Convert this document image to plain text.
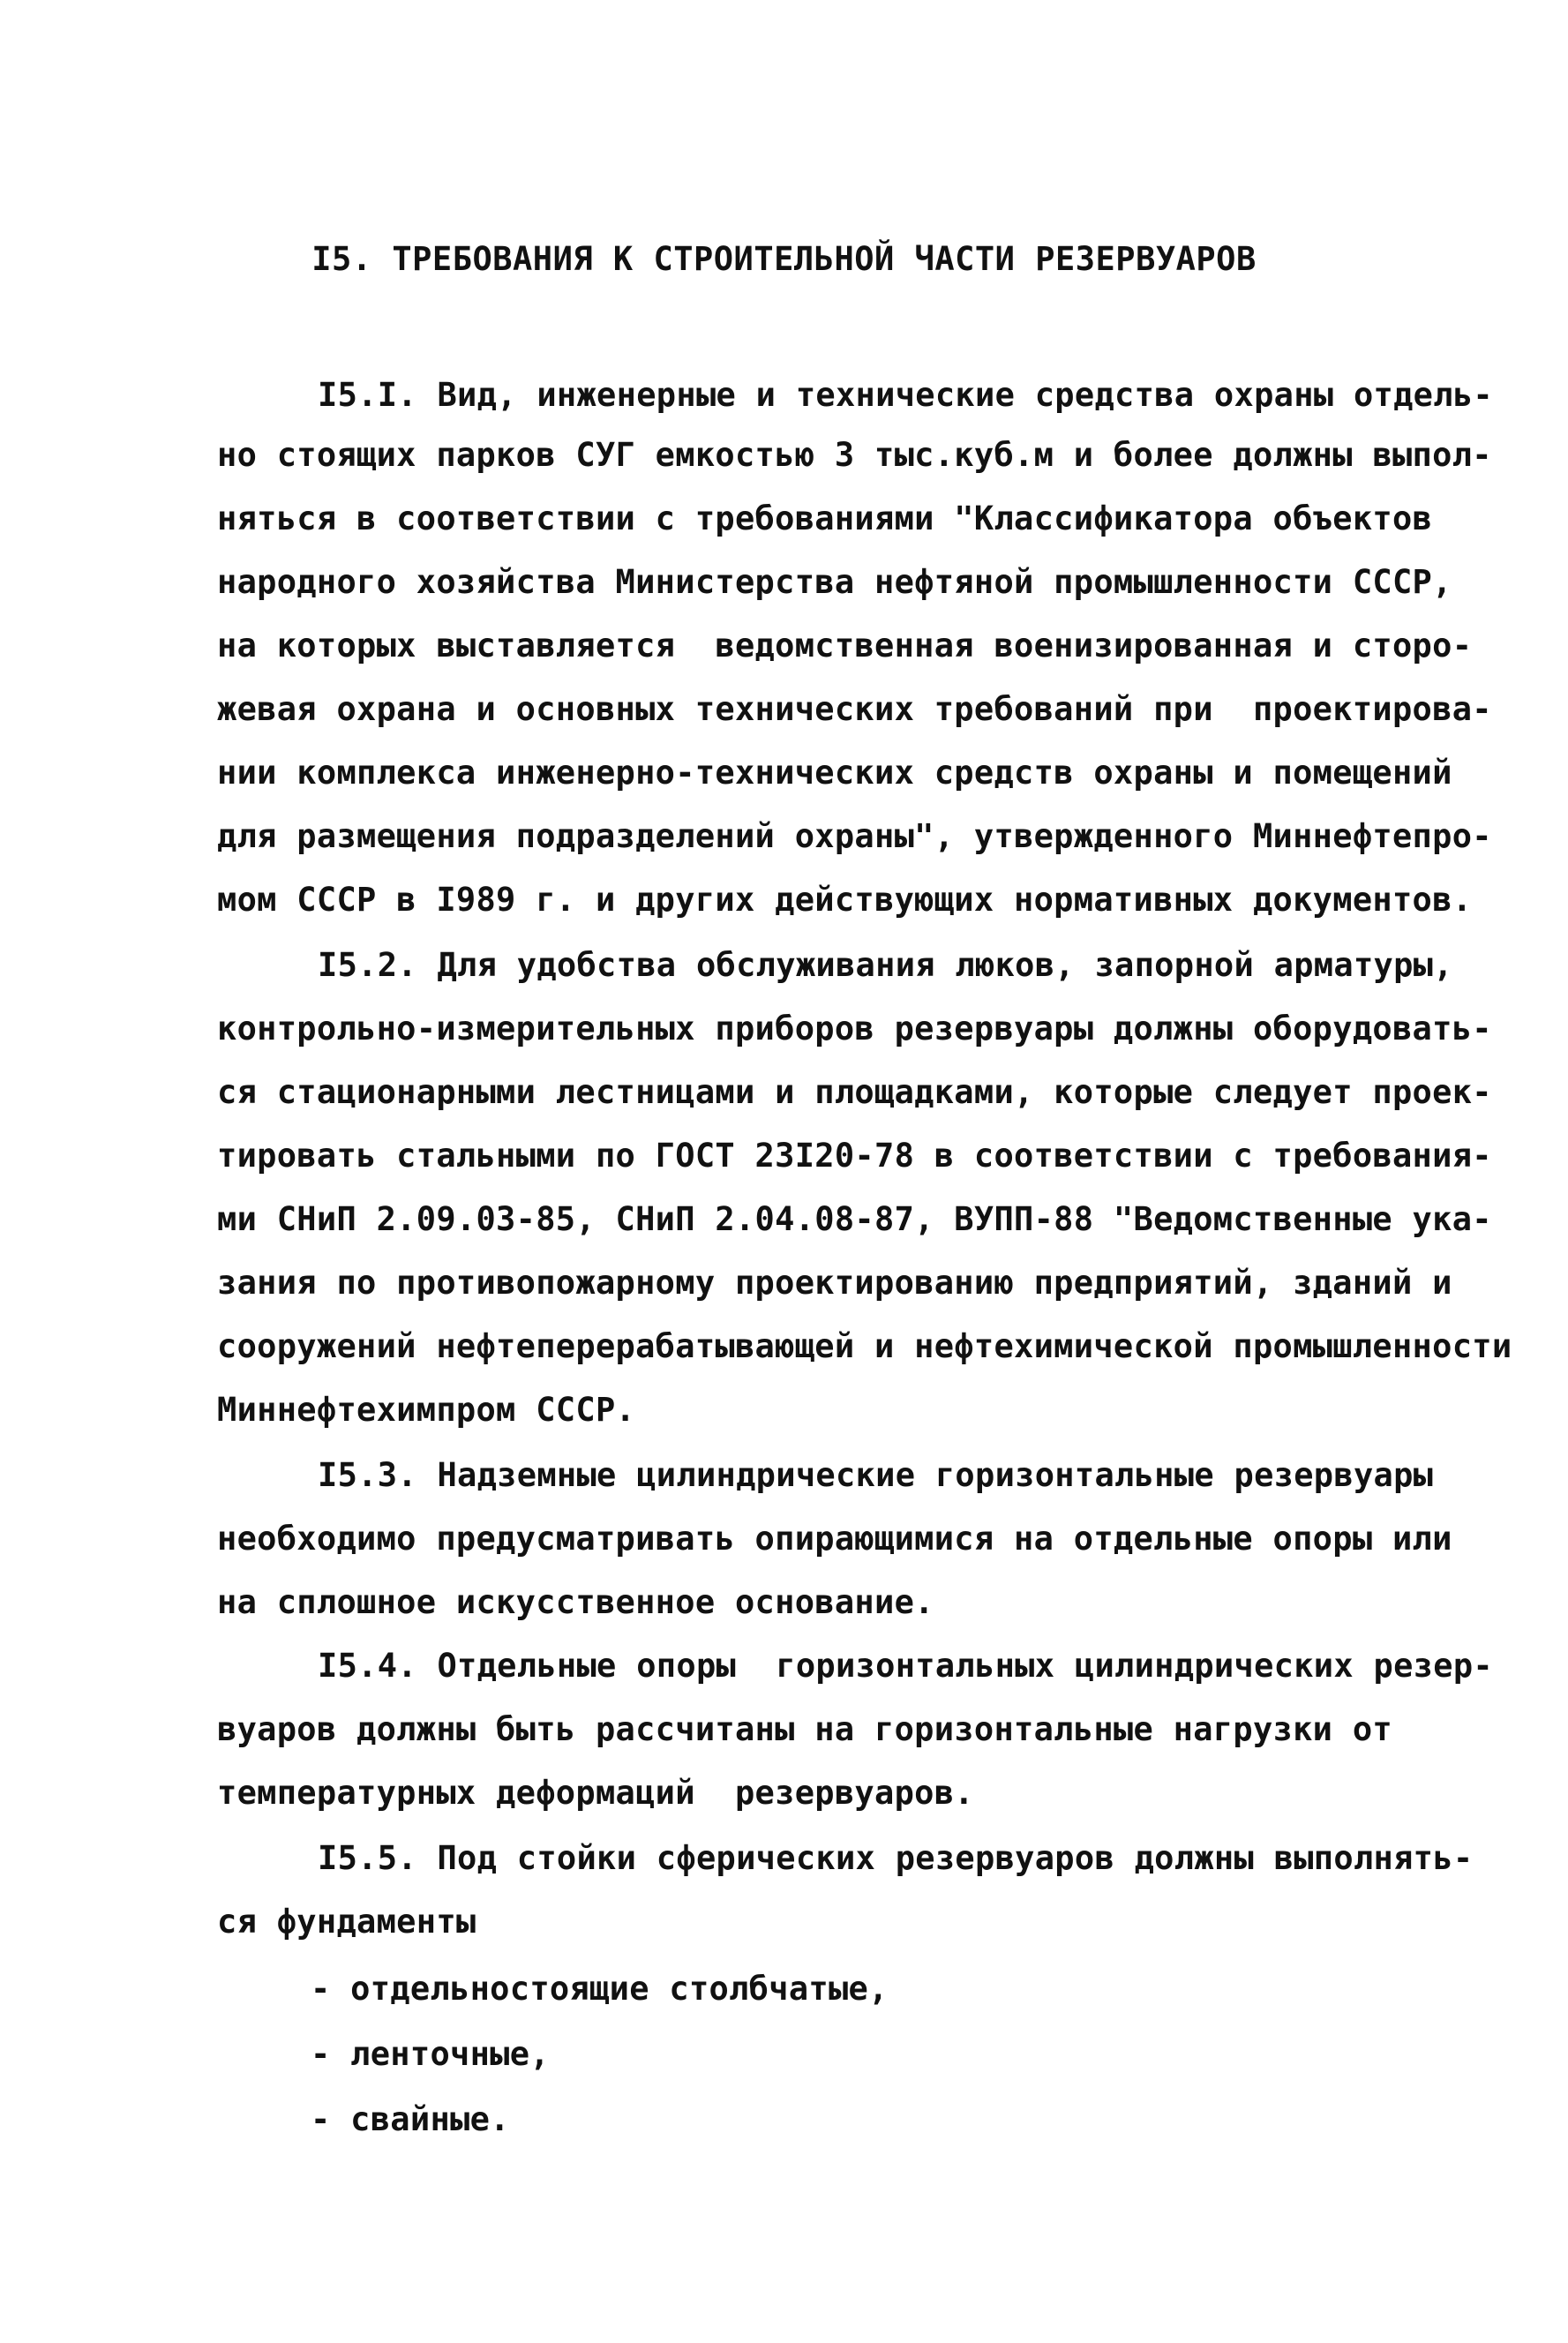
I5. ТРЕБОВАНИЯ К СТРОИТЕЛЬНОЙ ЧАСТИ РЕЗЕРВУАРОВ
I5.I. Вид, инженерные и технические средства охраны отдель-
но стоящих парков СУГ емкостью 3 тыс.куб.м и более должны выпол-
няться в соответствии с требованиями "Классификатора объектов
народного хозяйства Министерства нефтяной промышленности СССР,
на которых выставляется  ведомственная военизированная и сторо-
жевая охрана и основных технических требований при  проектирова-
нии комплекса инженерно-технических средств охраны и помещений
для размещения подразделений охраны", утвержденного Миннефтепро-
мом СССР в I989 г. и других действующих нормативных документов.
I5.2. Для удобства обслуживания люков, запорной арматуры,
контрольно-измерительных приборов резервуары должны оборудовать-
ся стационарными лестницами и площадками, которые следует проек-
тировать стальными по ГОСТ 23I20-78 в соответствии с требования-
ми СНиП 2.09.03-85, СНиП 2.04.08-87, ВУПП-88 "Ведомственные ука-
зания по противопожарному проектированию предприятий, зданий и
сооружений нефтеперерабатывающей и нефтехимической промышленности
Миннефтехимпром СССР.
I5.3. Надземные цилиндрические горизонтальные резервуары
необходимо предусматривать опирающимися на отдельные опоры или
на сплошное искусственное основание.
I5.4. Отдельные опоры  горизонтальных цилиндрических резер-
вуаров должны быть рассчитаны на горизонтальные нагрузки от
температурных деформаций  резервуаров.
I5.5. Под стойки сферических резервуаров должны выполнять-
ся фундаменты
- отдельностоящие столбчатые,
- ленточные,
- свайные.
